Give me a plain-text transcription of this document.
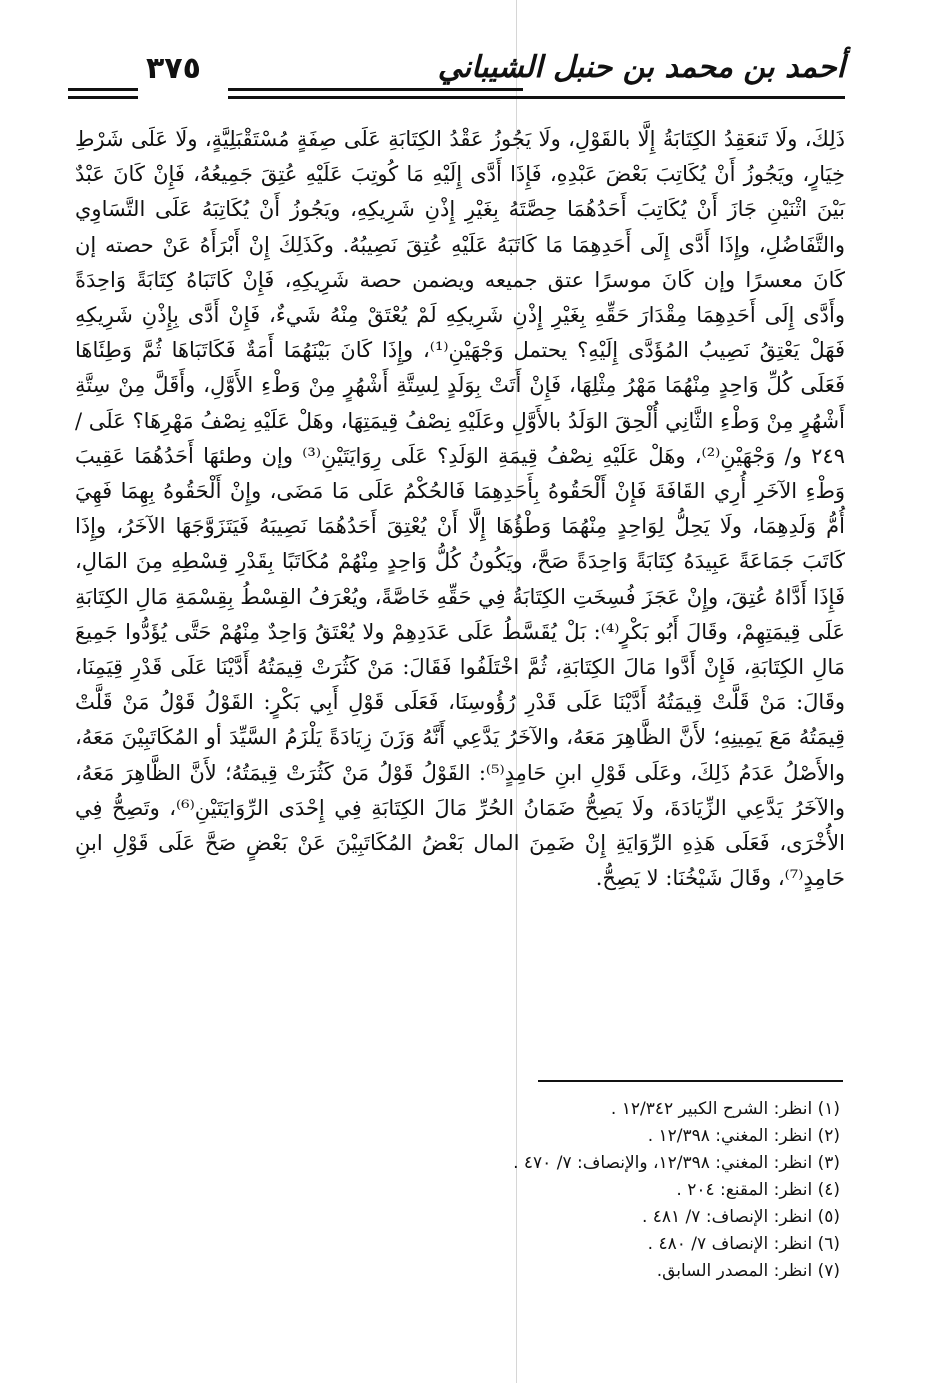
أحمد بن محمد بن حنبل الشيباني
٣٧٥

ذَلِكَ، ولَا تَنعَقِدُ الكِتَابَةُ إِلَّا بالقَوْلِ، ولَا يَجُوزُ عَقْدُ الكِتَابَةِ عَلَى صِفَةٍ مُسْتَقْبَلِيَّةٍ، ولَا عَلَى شَرْطِ خِيَارٍ، ويَجُوزُ أَنْ يُكَاتِبَ بَعْضَ عَبْدِهِ، فَإِذَا أَدَّى إِلَيْهِ مَا كُوتِبَ عَلَيْهِ عُتِقَ جَمِيعُهُ، فَإِنْ كَانَ عَبْدٌ بَيْنَ اثْنَيْنِ جَازَ أَنْ يُكَاتِبَ أَحَدُهُمَا حِصَّتَهُ بِغَيْرِ إِذْنِ شَرِيكِهِ، ويَجُوزُ أَنْ يُكَاتِبَهُ عَلَى التَّسَاوِي والتَّفَاضُلِ، وإِذَا أَدَّى إِلَى أَحَدِهِمَا مَا كَاتَبَهُ عَلَيْهِ عُتِقَ نَصِيبُهُ. وكَذَلِكَ إِنْ أَبْرَأَهُ عَنْ حصته إن كَانَ معسرًا وإن كَانَ موسرًا عتق جميعه ويضمن حصة شَرِيكِهِ، فَإِنْ كَاتَبَاهُ كِتَابَةً وَاحِدَةً وأَدَّى إِلَى أَحَدِهِمَا مِقْدَارَ حَقِّهِ بِغَيْرِ إِذْنِ شَرِيكِهِ لَمْ يُعْتَقْ مِنْهُ شَيءٌ، فَإِنْ أَدَّى بِإِذْنِ شَرِيكِهِ فَهَلْ يَعْتِقُ نَصِيبُ المُؤَدَّى إِلَيْهِ؟ يحتمل وَجْهَيْنِ⁽¹⁾، وإِذَا كَانَ بَيْنَهُمَا أَمَةٌ فَكَاتَبَاهَا ثُمَّ وَطِئَاهَا فَعَلَى كُلِّ وَاحِدٍ مِنْهُمَا مَهْرُ مِثْلِهَا، فَإِنْ أَتَتْ بِوَلَدٍ لِسِتَّةِ أَشْهُرٍ مِنْ وَطْءِ الأَوَّلِ، وأَقَلَّ مِنْ سِتَّةِ أَشْهُرٍ مِنْ وَطْءِ الثَّانِي أُلْحِقَ الوَلَدُ بالأَوَّلِ وعَلَيْهِ نِصْفُ قِيمَتِهَا، وهَلْ عَلَيْهِ نِصْفُ مَهْرِهَا؟ عَلَى / ٢٤٩ و/ وَجْهَيْنِ⁽²⁾، وهَلْ عَلَيْهِ نِصْفُ قِيمَةِ الوَلَدِ؟ عَلَى رِوَايَتَيْنِ⁽³⁾ وإن وطئهَا أَحَدُهُمَا عَقِيبَ وَطْءِ الآخَرِ أُرِي القَافَةَ فَإِنْ أَلْحَقُوهُ بِأَحَدِهِمَا فَالحُكْمُ عَلَى مَا مَضَى، وإِنْ أَلْحَقُوهُ بِهِمَا فَهِيَ أُمُّ وَلَدِهِمَا، ولَا يَحِلُّ لِوَاحِدٍ مِنْهُمَا وَطْؤُهَا إِلَّا أَنْ يُعْتِقَ أَحَدُهُمَا نَصِيبَهُ فَيَتَزَوَّجَهَا الآخَرُ، وإِذَا كَاتَبَ جَمَاعَةً عَبِيدَهُ كِتَابَةً وَاحِدَةً صَحَّ، ويَكُونُ كُلُّ وَاحِدٍ مِنْهُمْ مُكَاتَبًا بِقَدْرِ قِسْطِهِ مِنَ المَالِ، فَإِذَا أَدَّاهُ عُتِقَ، وإِنْ عَجَزَ فُسِخَتِ الكِتَابَةُ فِي حَقِّهِ خَاصَّةً، ويُعْرَفُ القِسْطُ بِقِسْمَةِ مَالِ الكِتَابَةِ عَلَى قِيمَتِهِمْ، وقَالَ أَبُو بَكْرٍ⁽⁴⁾: بَلْ يُقَسَّطُ عَلَى عَدَدِهِمْ ولا يُعْتَقُ وَاحِدٌ مِنْهُمْ حَتَّى يُؤَدُّوا جَمِيعَ مَالِ الكِتَابَةِ، فَإِنْ أَدَّوا مَالَ الكِتَابَةِ، ثُمَّ اخْتَلَفُوا فَقَالَ: مَنْ كَثُرَتْ قِيمَتُهُ أَدَّيْنَا عَلَى قَدْرِ قِيَمِنَا، وقَالَ: مَنْ قَلَّتْ قِيمَتُهُ أَدَّيْنَا عَلَى قَدْرِ رُؤُوسِنَا، فَعَلَى قَوْلِ أَبِي بَكْرٍ: القَوْلُ قَوْلُ مَنْ قَلَّتْ قِيمَتُهُ مَعَ يَمِينِهِ؛ لأَنَّ الظَّاهِرَ مَعَهُ، والآخَرُ يَدَّعِي أَنَّهُ وَزَنَ زِيَادَةً يَلْزَمُ السَّيِّدَ أو المُكَاتَبِيْنَ مَعَهُ، والأَصْلُ عَدَمُ ذَلِكَ، وعَلَى قَوْلِ ابنِ حَامِدٍ⁽⁵⁾: القَوْلُ قَوْلُ مَنْ كَثُرَتْ قِيمَتُهُ؛ لأَنَّ الظَّاهِرَ مَعَهُ، والآخَرُ يَدَّعِي الزِّيَادَةَ، ولَا يَصِحُّ ضَمَانُ الحُرِّ مَالَ الكِتَابَةِ فِي إِحْدَى الرِّوَايَتَيْنِ⁽⁶⁾، وتَصِحُّ فِي الأُخْرَى، فَعَلَى هَذِهِ الرِّوَايَةِ إِنْ ضَمِنَ المال بَعْضُ المُكَاتَبِيْنَ عَنْ بَعْضٍ صَحَّ عَلَى قَوْلِ ابنِ حَامِدٍ⁽⁷⁾، وقَالَ شَيْخُنَا: لا يَصِحُّ.

(١) انظر: الشرح الكبير ١٢/٣٤٢ .
(٢) انظر: المغني: ١٢/٣٩٨ .
(٣) انظر: المغني: ١٢/٣٩٨، والإنصاف: ٧/ ٤٧٠ .
(٤) انظر: المقنع: ٢٠٤ .
(٥) انظر: الإنصاف: ٧/ ٤٨١ .
(٦) انظر: الإنصاف ٧/ ٤٨٠ .
(٧) انظر: المصدر السابق.
